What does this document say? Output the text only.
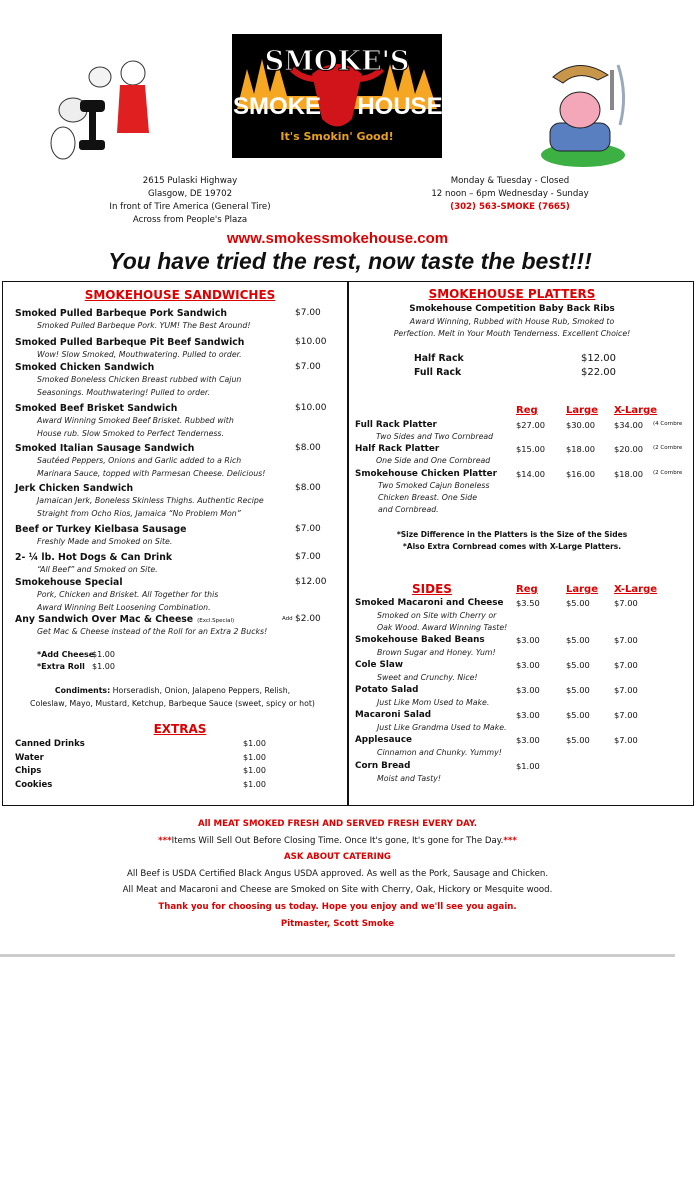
SMOKE'S
SMOKE HOUSE
It's Smokin' Good!
2615 Pulaski Highway
Glasgow, DE 19702
In front of Tire America (General Tire)
Across from People's Plaza
Monday & Tuesday - Closed
12 noon – 6pm Wednesday - Sunday
(302) 563-SMOKE (7665)
www.smokessmokehouse.com
You have tried the rest, now taste the best!!!
SMOKEHOUSE SANDWICHES
Smoked Pulled Barbeque Pork Sandwich	$7.00
Smoked Pulled Barbeque Pork. YUM! The Best Around!
Smoked Pulled Barbeque Pit Beef Sandwich	$10.00
Wow! Slow Smoked, Mouthwatering. Pulled to order.
Smoked Chicken Sandwich	$7.00
Smoked Boneless Chicken Breast rubbed with Cajun
Seasonings. Mouthwatering! Pulled to order.
Smoked Beef Brisket Sandwich	$10.00
Award Winning Smoked Beef Brisket. Rubbed with
House rub. Slow Smoked to Perfect Tenderness.
Smoked Italian Sausage Sandwich	$8.00
Sautéed Peppers, Onions and Garlic added to a Rich
Marinara Sauce, topped with Parmesan Cheese. Delicious!
Jerk Chicken Sandwich	$8.00
Jamaican Jerk, Boneless Skinless Thighs. Authentic Recipe
Straight from Ocho Rios, Jamaica “No Problem Mon”
Beef or Turkey Kielbasa Sausage	$7.00
Freshly Made and Smoked on Site.
2- ¼ lb. Hot Dogs & Can Drink	$7.00
“All Beef” and Smoked on Site.
Smokehouse Special	$12.00
Pork, Chicken and Brisket. All Together for this
Award Winning Belt Loosening Combination.
Any Sandwich Over Mac & Cheese (Excl.Special)	Add $2.00
Get Mac & Cheese instead of the Roll for an Extra 2 Bucks!
*Add Cheese
$1.00
*Extra Roll $1.00
Condiments: Horseradish, Onion, Jalapeno Peppers, Relish,
Coleslaw, Mayo, Mustard, Ketchup, Barbeque Sauce (sweet, spicy or hot)
EXTRAS
Canned Drinks	$1.00
Water	$1.00
Chips	$1.00
Cookies	$1.00
SMOKEHOUSE PLATTERS
Smokehouse Competition Baby Back Ribs
Award Winning, Rubbed with House Rub, Smoked to
Perfection. Melt in Your Mouth Tenderness. Excellent Choice!
Half Rack	$12.00
Full Rack	$22.00
Reg	Large X-Large
Full Rack Platter	$27.00	$30.00 $34.00 (4 Cornbre
Two Sides and Two Cornbread
Half Rack Platter	$15.00	$18.00 $20.00 (2 Cornbre
One Side and One Cornbread
Smokehouse Chicken Platter $14.00	$16.00 $18.00 (2 Cornbre
Two Smoked Cajun Boneless
Chicken Breast. One Side
and Cornbread.
*Size Difference in the Platters is the Size of the Sides
*Also Extra Cornbread comes with X-Large Platters.
SIDES	Reg	Large X-Large
Smoked Macaroni and Cheese $3.50	$5.00	$7.00
Smoked on Site with Cherry or
Oak Wood. Award Winning Taste!
Smokehouse Baked Beans	$3.00	$5.00	$7.00
Brown Sugar and Honey. Yum!
Cole Slaw	$3.00	$5.00	$7.00
Sweet and Crunchy. Nice!
Potato Salad	$3.00	$5.00	$7.00
Just Like Mom Used to Make.
Macaroni Salad	$3.00	$5.00	$7.00
Just Like Grandma Used to Make.
Applesauce	$3.00	$5.00	$7.00
Cinnamon and Chunky. Yummy!
Corn Bread	$1.00
Moist and Tasty!
All MEAT SMOKED FRESH AND SERVED FRESH EVERY DAY.
***Items Will Sell Out Before Closing Time. Once It's gone, It's gone for The Day.***
ASK ABOUT CATERING
All Beef is USDA Certified Black Angus USDA approved. As well as the Pork, Sausage and Chicken.
All Meat and Macaroni and Cheese are Smoked on Site with Cherry, Oak, Hickory or Mesquite wood.
Thank you for choosing us today. Hope you enjoy and we'll see you again.
Pitmaster, Scott Smoke
